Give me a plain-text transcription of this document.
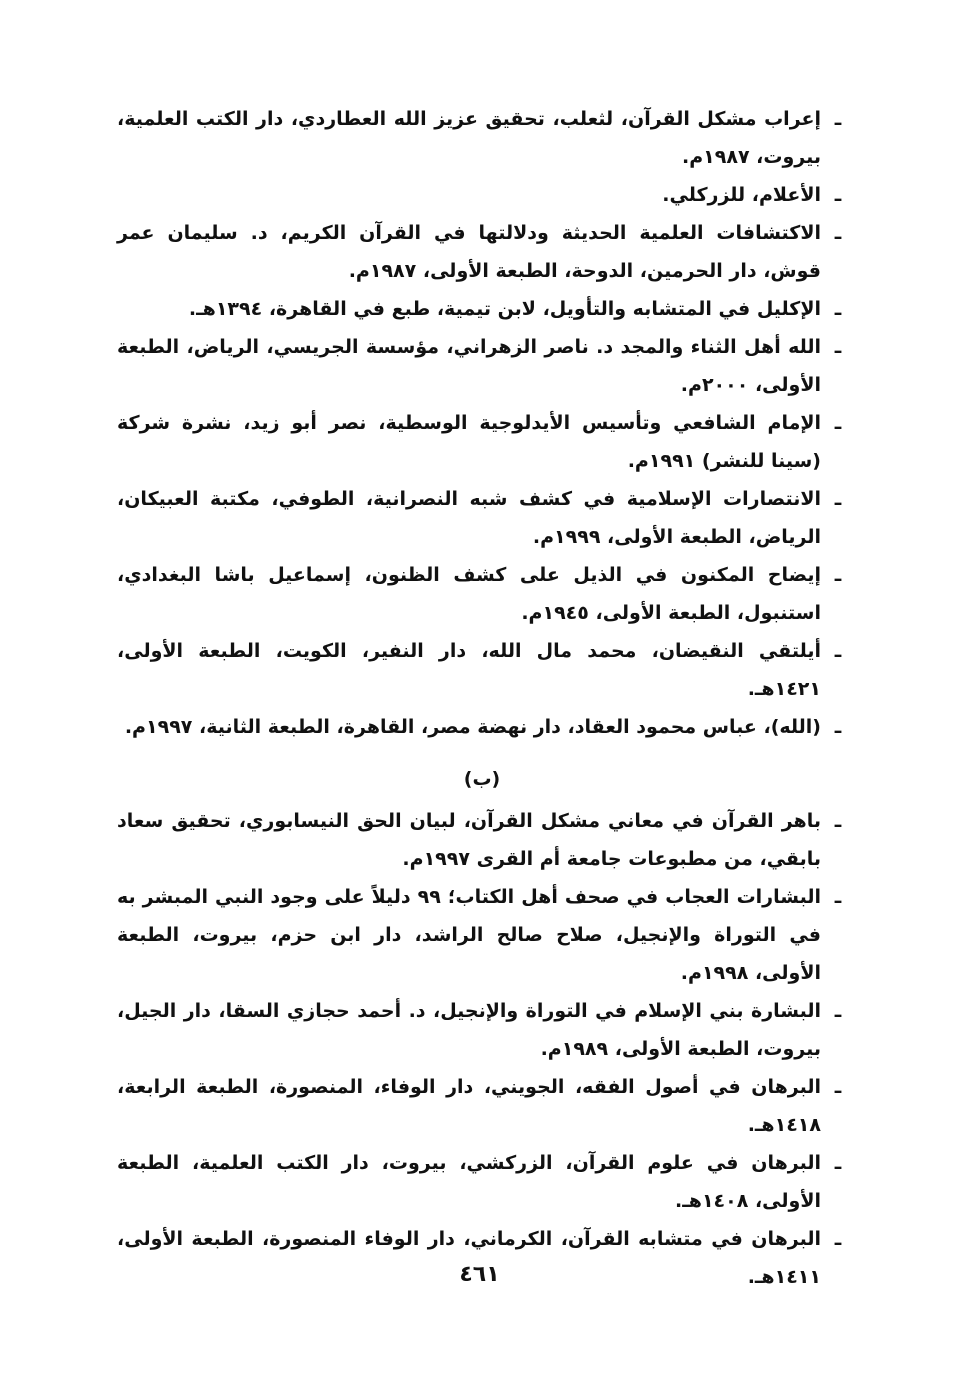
ـ
إعراب مشكل القرآن، لثعلب، تحقيق عزيز الله العطاردي، دار الكتب العلمية، بيروت، ١٩٨٧م.

ـ
الأعلام، للزركلي.

ـ
الاكتشافات العلمية الحديثة ودلالتها في القرآن الكريم، د. سليمان عمر قوش، دار الحرمين، الدوحة، الطبعة الأولى، ١٩٨٧م.

ـ
الإكليل في المتشابه والتأويل، لابن تيمية، طبع في القاهرة، ١٣٩٤هـ.

ـ
الله أهل الثناء والمجد د. ناصر الزهراني، مؤسسة الجريسي، الرياض، الطبعة الأولى، ٢٠٠٠م.

ـ
الإمام الشافعي وتأسيس الأيدلوجية الوسطية، نصر أبو زيد، نشرة شركة (سينا للنشر) ١٩٩١م.

ـ
الانتصارات الإسلامية في كشف شبه النصرانية، الطوفي، مكتبة العبيكان، الرياض، الطبعة الأولى، ١٩٩٩م.

ـ
إيضاح المكنون في الذيل على كشف الظنون، إسماعيل باشا البغدادي، استنبول، الطبعة الأولى، ١٩٤٥م.

ـ
أيلتقي النقيضان، محمد مال الله، دار النفير، الكويت، الطبعة الأولى، ١٤٢١هـ.

ـ
(الله)، عباس محمود العقاد، دار نهضة مصر، القاهرة، الطبعة الثانية، ١٩٩٧م.

(ب)

ـ
باهر القرآن في معاني مشكل القرآن، لبيان الحق النيسابوري، تحقيق سعاد بابقي، من مطبوعات جامعة أم القرى ١٩٩٧م.

ـ
البشارات العجاب في صحف أهل الكتاب؛ ٩٩ دليلاً على وجود النبي المبشر به في التوراة والإنجيل، صلاح صالح الراشد، دار ابن حزم، بيروت، الطبعة الأولى، ١٩٩٨م.

ـ
البشارة بني الإسلام في التوراة والإنجيل، د. أحمد حجازي السقا، دار الجيل، بيروت، الطبعة الأولى، ١٩٨٩م.

ـ
البرهان في أصول الفقه، الجويني، دار الوفاء، المنصورة، الطبعة الرابعة، ١٤١٨هـ.

ـ
البرهان في علوم القرآن، الزركشي، بيروت، دار الكتب العلمية، الطبعة الأولى، ١٤٠٨هـ.

ـ
البرهان في متشابه القرآن، الكرماني، دار الوفاء المنصورة، الطبعة الأولى، ١٤١١هـ.

٤٦١
